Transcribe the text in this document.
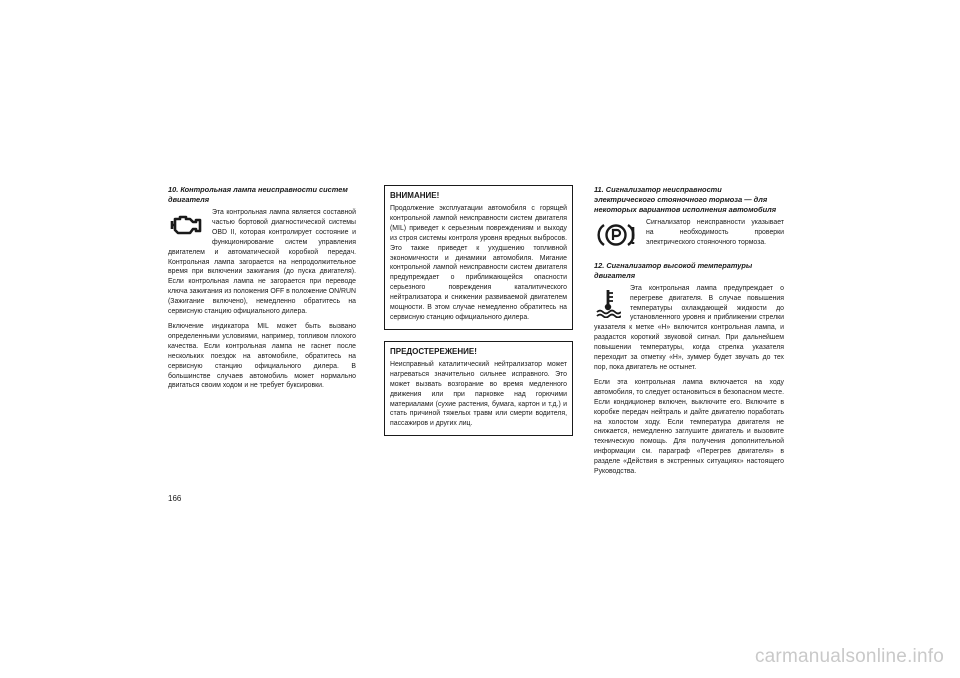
10. Контрольная лампа неисправности систем двигателя

Эта контрольная лампа является составной частью бортовой диагностической системы OBD II, которая контролирует состояние и функционирование систем управления двигателем и автоматической коробкой передач. Контрольная лампа загорается на непродолжительное время при включении зажигания (до пуска двигателя). Если контрольная лампа не загорается при переводе ключа зажигания из положения OFF в положение ON/RUN (Зажигание включено), немедленно обратитесь на сервисную станцию официального дилера.

Включение индикатора MIL может быть вызвано определенными условиями, например, топливом плохого качества. Если контрольная лампа не гаснет после нескольких поездок на автомобиле, обратитесь на сервисную станцию официального дилера. В большинстве случаев автомобиль может нормально двигаться своим ходом и не требует буксировки.

ВНИМАНИЕ!

Продолжение эксплуатации автомобиля с горящей контрольной лампой неисправности систем двигателя (MIL) приведет к серьезным повреждениям и выходу из строя системы контроля уровня вредных выбросов. Это также приведет к ухудшению топливной экономичности и динамики автомобиля. Мигание контрольной лампой неисправности систем двигателя предупреждает о приближающейся опасности серьезного повреждения каталитического нейтрализатора и снижении развиваемой двигателем мощности. В этом случае немедленно обратитесь на сервисную станцию официального дилера.

ПРЕДОСТЕРЕЖЕНИЕ!

Неисправный каталитический нейтрализатор может нагреваться значительно сильнее исправного. Это может вызвать возгорание во время медленного движения или при парковке над горючими материалами (сухие растения, бумага, картон и т.д.) и стать причиной тяжелых травм или смерти водителя, пассажиров и других лиц.

11. Сигнализатор неисправности электрического стояночного тормоза — для некоторых вариантов исполнения автомобиля

Сигнализатор неисправности указывает на необходимость проверки электрического стояночного тормоза.

12. Сигнализатор высокой температуры двигателя

Эта контрольная лампа предупреждает о перегреве двигателя. В случае повышения температуры охлаждающей жидкости до установленного уровня и приближении стрелки указателя к метке «H» включится контрольная лампа, и раздастся короткий звуковой сигнал. При дальнейшем повышении температуры, когда стрелка указателя переходит за отметку «H», зуммер будет звучать до тех пор, пока двигатель не остынет.

Если эта контрольная лампа включается на ходу автомобиля, то следует остановиться в безопасном месте. Если кондиционер включен, выключите его. Включите в коробке передач нейтраль и дайте двигателю поработать на холостом ходу. Если температура двигателя не снижается, немедленно заглушите двигатель и вызовите техническую помощь. Для получения дополнительной информации см. параграф «Перегрев двигателя» в разделе «Действия в экстренных ситуациях» настоящего Руководства.

166
carmanualsonline.info
